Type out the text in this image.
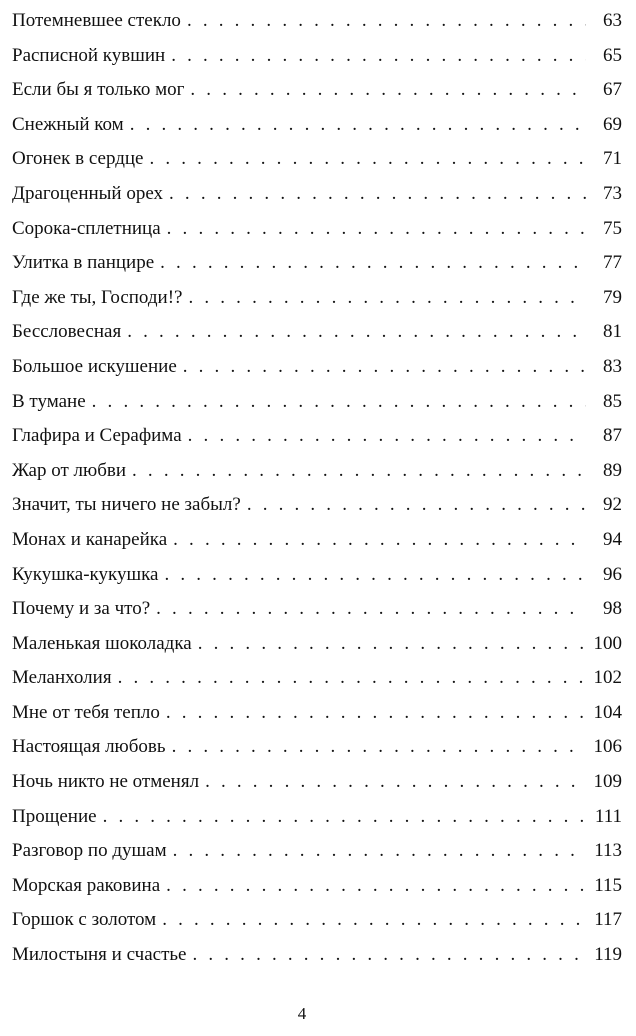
Потемневшее стекло . . .	63
Расписной кувшин . . .	65
Если бы я только мог . . .	67
Снежный ком . . .	69
Огонек в сердце . . .	71
Драгоценный орех . . .	73
Сорока-сплетница . . .	75
Улитка в панцире . . .	77
Где же ты, Господи!? . . .	79
Бессловесная . . .	81
Большое искушение . . .	83
В тумане . . .	85
Глафира и Серафима . . .	87
Жар от любви . . .	89
Значит, ты ничего не забыл? . . .	92
Монах и канарейка . . .	94
Кукушка-кукушка . . .	96
Почему и за что? . . .	98
Маленькая шоколадка . . .	100
Меланхолия . . .	102
Мне от тебя тепло . . .	104
Настоящая любовь . . .	106
Ночь никто не отменял . . .	109
Прощение . . .	111
Разговор по душам . . .	113
Морская раковина . . .	115
Горшок с золотом . . .	117
Милостыня и счастье . . .	119
4
